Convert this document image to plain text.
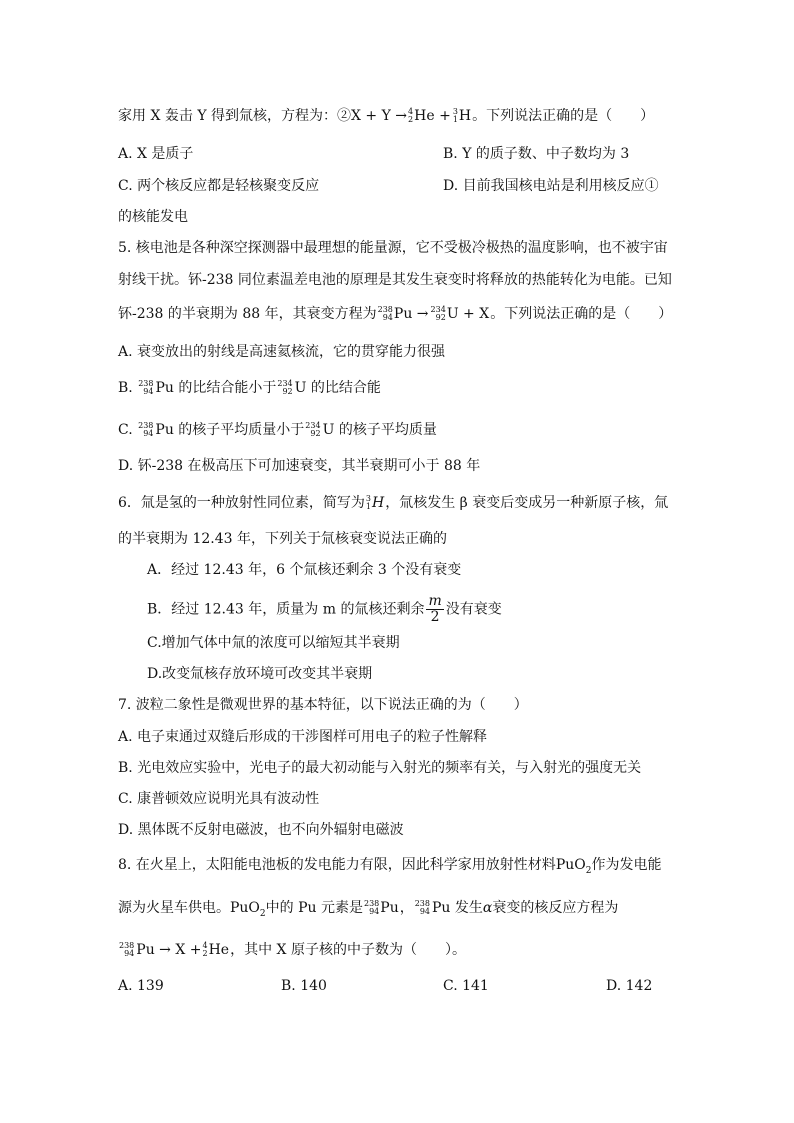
家用 X 轰击 Y 得到氚核，方程为：②X + Y → 4
2 He + 3
1 H。下列说法正确的是（　　）
A. X 是质子	B. Y 的质子数、中子数均为 3
C. 两个核反应都是轻核聚变反应	D. 目前我国核电站是利用核反应①
的核能发电
5. 核电池是各种深空探测器中最理想的能量源，它不受极冷极热的温度影响，也不被宇宙
射线干扰。钚-238 同位素温差电池的原理是其发生衰变时将释放的热能转化为电能。已知
钚-238 的半衰期为 88 年，其衰变方程为 238
94 Pu → 234
92 U + X。下列说法正确的是（　　）
A. 衰变放出的射线是高速氦核流，它的贯穿能力很强
B. 238
94 Pu 的比结合能小于 234
92 U 的比结合能
C. 238
94 Pu 的核子平均质量小于 234
92 U 的核子平均质量
D. 钚-238 在极高压下可加速衰变，其半衰期可小于 88 年
6．氚是氢的一种放射性同位素，简写为 3
1 H，氚核发生 β 衰变后变成另一种新原子核，氚
的半衰期为 12.43 年，下列关于氚核衰变说法正确的
A．经过 12.43 年，6 个氚核还剩余 3 个没有衰变
B．经过 12.43 年，质量为 m 的氚核还剩余 $\frac{m}{2}$ 没有衰变
C.增加气体中氚的浓度可以缩短其半衰期
D.改变氚核存放环境可改变其半衰期
7. 波粒二象性是微观世界的基本特征，以下说法正确的为（　　）
A. 电子束通过双缝后形成的干涉图样可用电子的粒子性解释
B. 光电效应实验中，光电子的最大初动能与入射光的频率有关，与入射光的强度无关
C. 康普顿效应说明光具有波动性
D. 黑体既不反射电磁波，也不向外辐射电磁波
8. 在火星上，太阳能电池板的发电能力有限，因此科学家用放射性材料PuO$_2$作为发电能
源为火星车供电。PuO$_2$中的 Pu 元素是 238
94 Pu， 238
94 Pu 发生α衰变的核反应方程为
238
94 Pu → X + 4
2 He，其中 X 原子核的中子数为（　　）。
A. 139	B. 140	C. 141	D. 142
